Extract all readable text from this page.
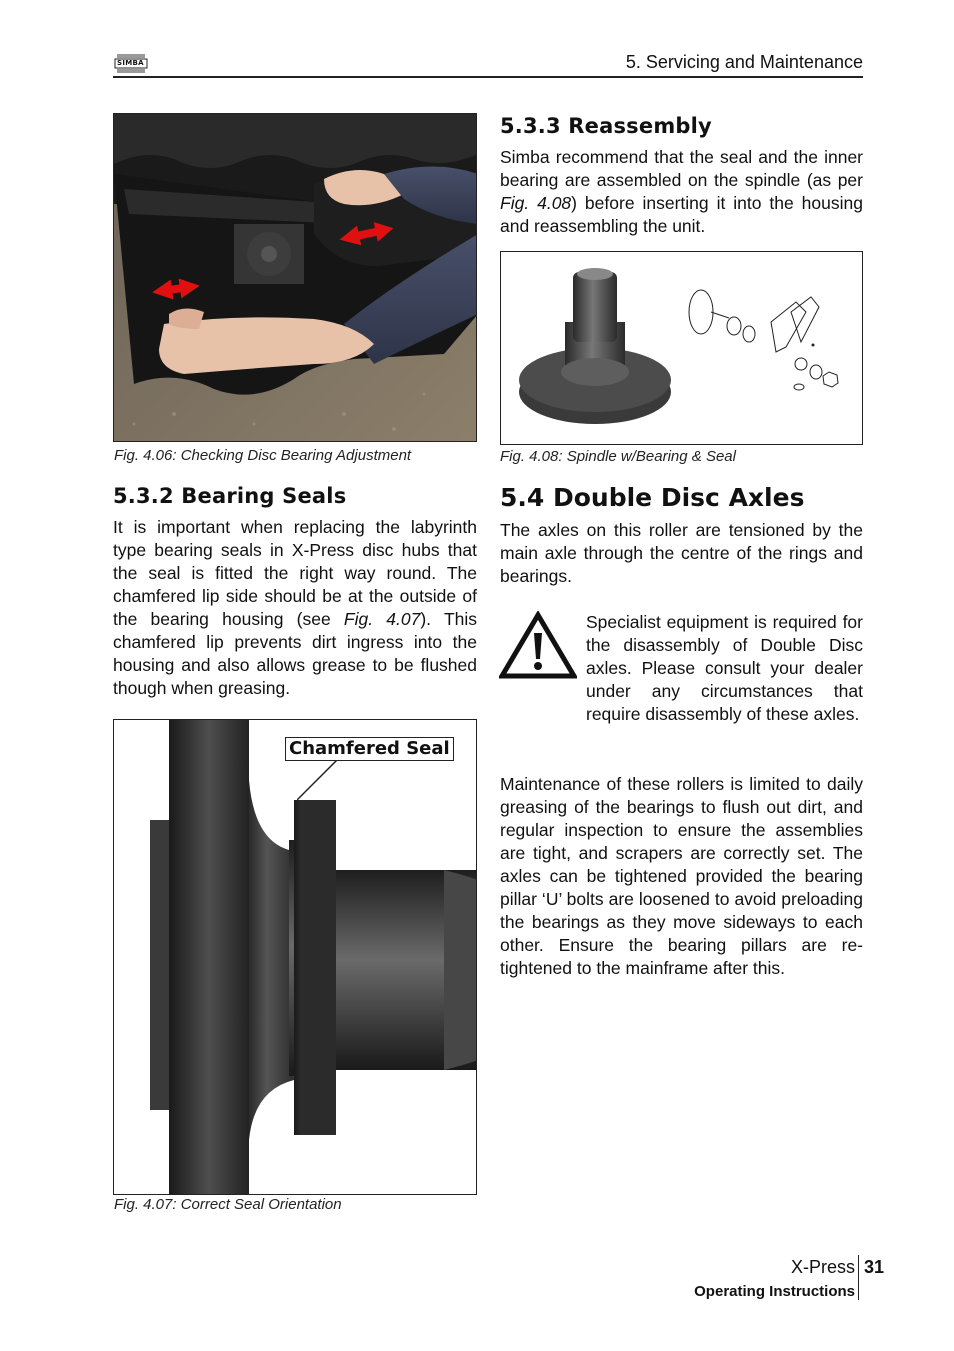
SIMBA	5. Servicing and Maintenance
Fig. 4.06: Checking Disc Bearing Adjustment
5.3.2 Bearing Seals

It is important when replacing the labyrinth type bearing seals in X-Press disc hubs that the seal is fitted the right way round. The chamfered lip side should be at the outside of the bearing housing (see Fig. 4.07). This chamfered lip prevents dirt ingress into the housing and also allows grease to be flushed though when greasing.

Chamfered Seal
Fig. 4.07: Correct Seal Orientation
5.3.3 Reassembly

Simba recommend that the seal and the inner bearing are assembled on the spindle (as per Fig. 4.08) before inserting it into the housing and reassembling the unit.

Fig. 4.08: Spindle w/Bearing & Seal
5.4 Double Disc Axles

The axles on this roller are tensioned by the main axle through the centre of the rings and bearings.

Specialist equipment is required for the disassembly of Double Disc axles. Please consult your dealer under any circumstances that require disassembly of these axles.

Maintenance of these rollers is limited to daily greasing of the bearings to flush out dirt, and regular inspection to ensure the assemblies are tight, and scrapers are correctly set. The axles can be tightened provided the bearing pillar ‘U’ bolts are loosened to avoid preloading the bearings as they move sideways to each other. Ensure the bearing pillars are re- tightened to the mainframe after this.

X-Press 31
Operating Instructions
